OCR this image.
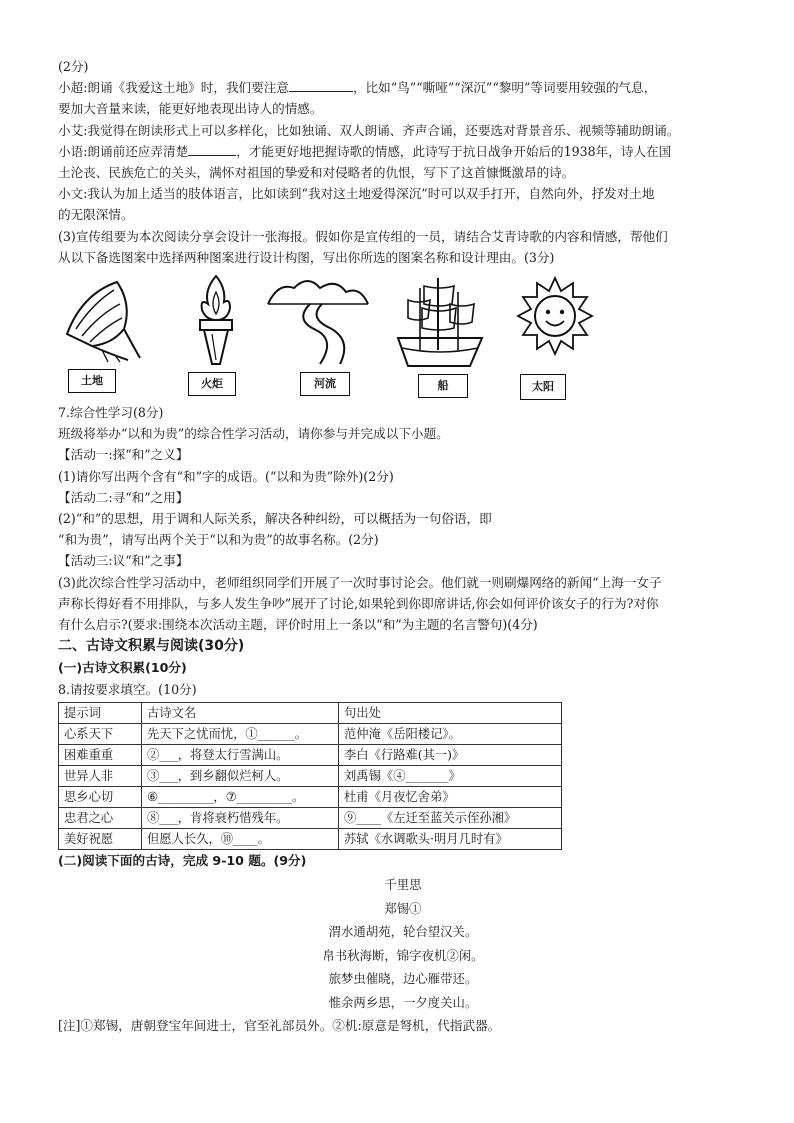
(2分)

小超:朗诵《我爱这土地》时，我们要注意	，比如“鸟”“嘶哑”“深沉”“黎明”等词要用较强的气息，
要加大音量来读，能更好地表现出诗人的情感。

小艾:我觉得在朗读形式上可以多样化，比如独诵、双人朗诵、齐声合诵，还要选对背景音乐、视频等辅助朗诵。

小语:朗诵前还应弄清楚	，才能更好地把握诗歌的情感，此诗写于抗日战争开始后的1938年，诗人在国
土沦丧、民族危亡的关头，满怀对祖国的挚爱和对侵略者的仇恨，写下了这首慷慨激昂的诗。

小文:我认为加上适当的肢体语言，比如读到“我对这土地爱得深沉”时可以双手打开，自然向外，抒发对土地
的无限深情。

(3)宣传组要为本次阅读分享会设计一张海报。假如你是宣传组的一员，请结合艾青诗歌的内容和情感，帮他们
从以下备选图案中选择两种图案进行设计构图，写出你所选的图案名称和设计理由。(3分)

土地	火炬	河流	船	太阳

7.综合性学习(8分)

班级将举办“以和为贵”的综合性学习活动，请你参与并完成以下小题。

【活动一:探“和”之义】

(1)请你写出两个含有“和”字的成语。(“以和为贵”除外)(2分)

【活动二:寻“和”之用】

(2)“和”的思想，用于调和人际关系，解决各种纠纷，可以概括为一句俗语，即
“和为贵”，请写出两个关于“以和为贵”的故事名称。(2分)

【活动三:议“和”之事】

(3)此次综合性学习活动中，老师组织同学们开展了一次时事讨论会。他们就一则刷爆网络的新闻“上海一女子
声称长得好看不用排队，与多人发生争吵”展开了讨论,如果轮到你即席讲话,你会如何评价该女子的行为?对你
有什么启示?(要求:围绕本次活动主题，评价时用上一条以“和”为主题的名言警句)(4分)

二、古诗文积累与阅读(30分)

(一)古诗文积累(10分)

8.请按要求填空。(10分)

提示词	古诗文名	句出处
心系天下	先天下之忧而忧，①______。	范仲淹《岳阳楼记》。
困难重重	②___，将登太行雪满山。	李白《行路难(其一)》
世异人非	③___，到乡翻似烂柯人。	刘禹锡《④_______》
思乡心切	⑥_________，⑦_________。	杜甫《月夜忆舍弟》
忠君之心	⑧___，肯将衰朽惜残年。	⑨____《左迁至蓝关示侄孙湘》
美好祝愿	但愿人长久，⑩____。	苏轼《水调歌头·明月几时有》

(二)阅读下面的古诗，完成 9-10 题。(9分)

千里思
郑锡①
渭水通胡苑，轮台望汉关。
帛书秋海断，锦字夜机②闲。
旅梦虫催晓，边心雁带还。
惟余两乡思，一夕度关山。

[注]①郑锡，唐朝登宝年间进士，官至礼部员外。②机:原意是弩机，代指武器。
